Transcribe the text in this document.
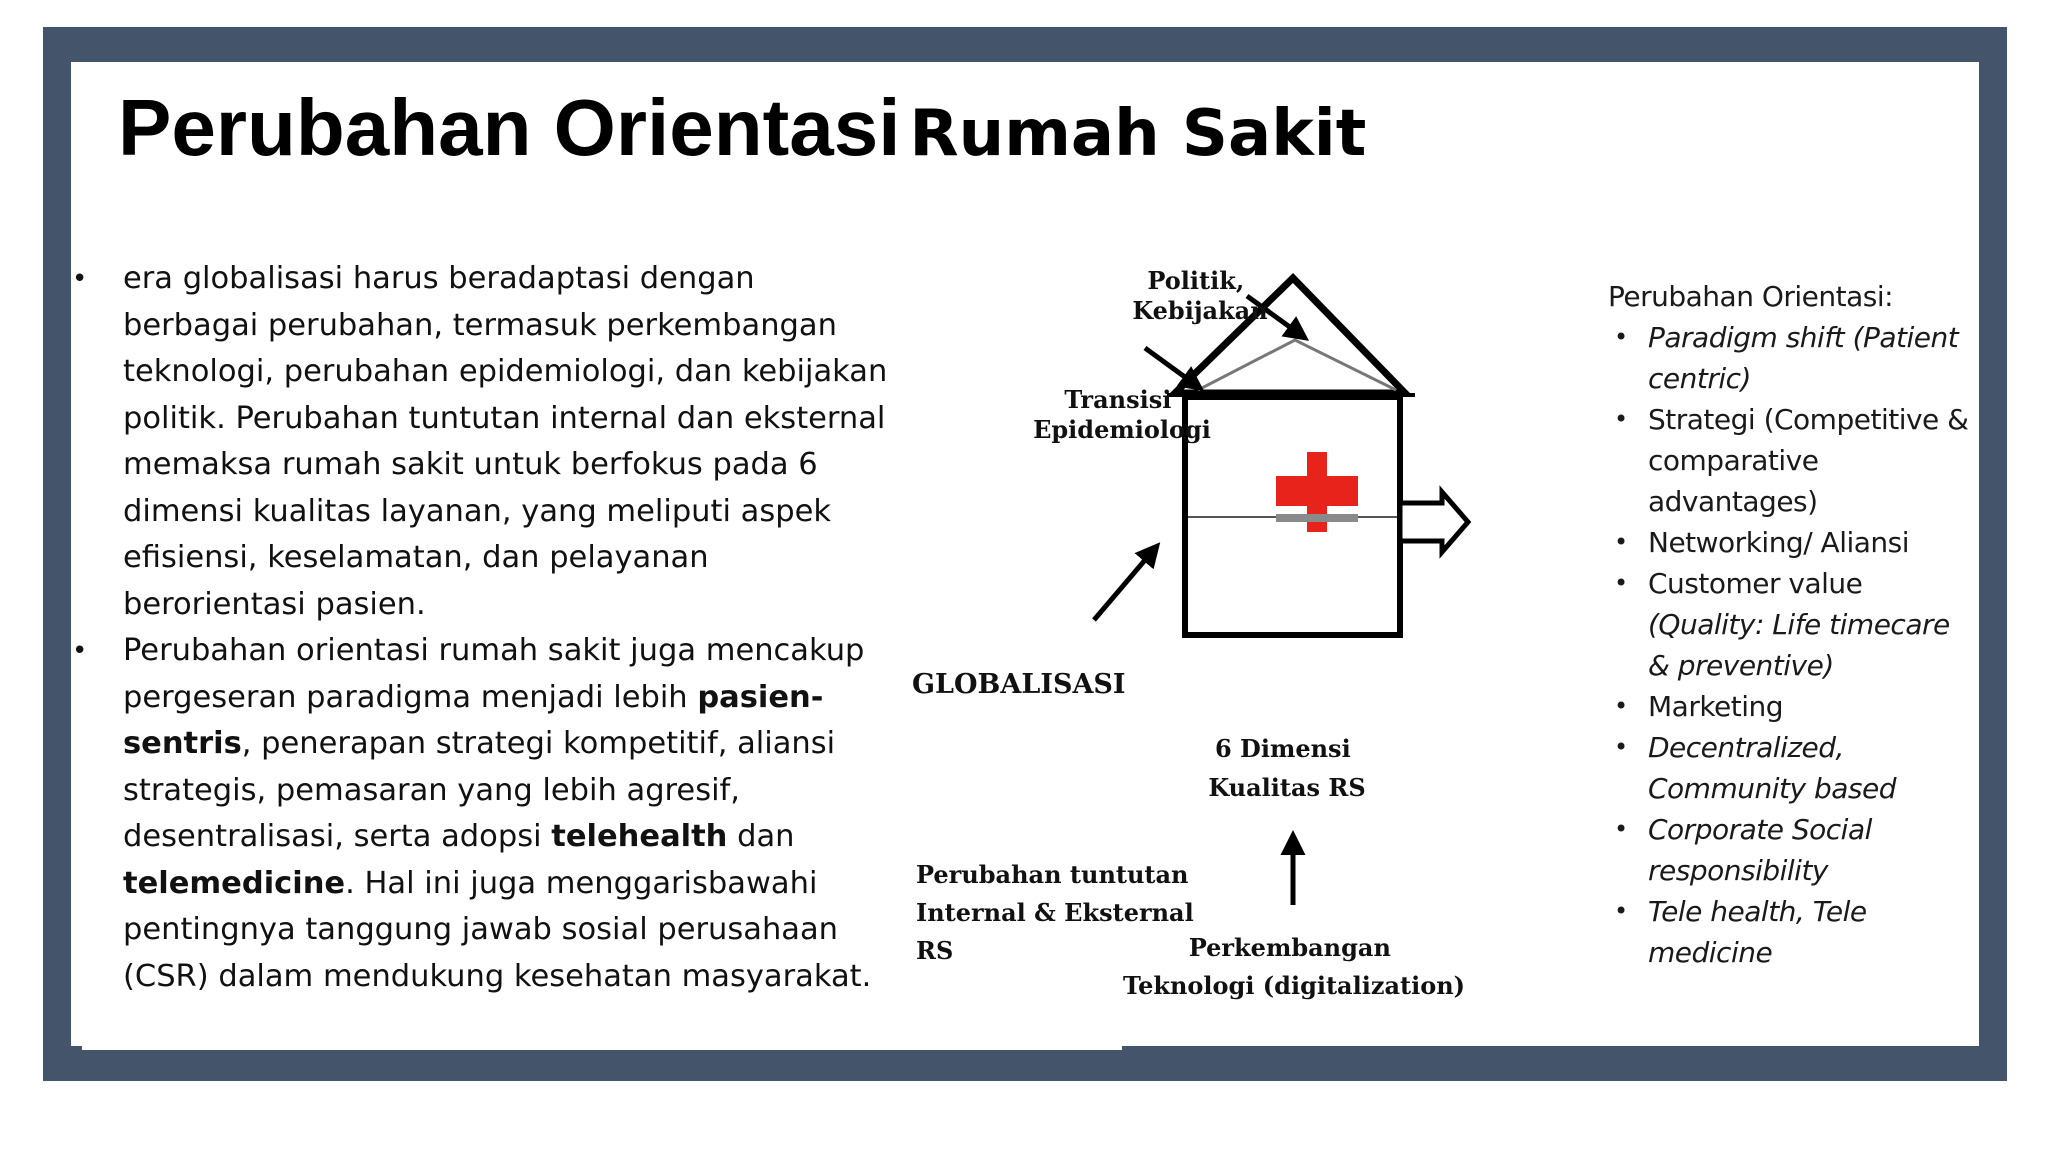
Perubahan Orientasi Rumah Sakit
• era globalisasi harus beradaptasi dengan berbagai perubahan, termasuk perkembangan teknologi, perubahan epidemiologi, dan kebijakan politik. Perubahan tuntutan internal dan eksternal memaksa rumah sakit untuk berfokus pada 6 dimensi kualitas layanan, yang meliputi aspek efisiensi, keselamatan, dan pelayanan berorientasi pasien.
• Perubahan orientasi rumah sakit juga mencakup pergeseran paradigma menjadi lebih pasien-sentris, penerapan strategi kompetitif, aliansi strategis, pemasaran yang lebih agresif, desentralisasi, serta adopsi telehealth dan telemedicine. Hal ini juga menggarisbawahi pentingnya tanggung jawab sosial perusahaan (CSR) dalam mendukung kesehatan masyarakat.
Politik, Kebijakan
Transisi Epidemiologi
GLOBALISASI
6 Dimensi Kualitas RS
Perubahan tuntutan Internal & Eksternal RS	Perkembangan Teknologi (digitalization)

Perubahan Orientasi:

• Paradigm shift (Patient centric)
• Strategi (Competitive & comparative advantages)
• Networking/ Aliansi
• Customer value (Quality: Life timecare & preventive)
• Marketing
• Decentralized, Community based
• Corporate Social responsibility
• Tele health, Tele medicine
